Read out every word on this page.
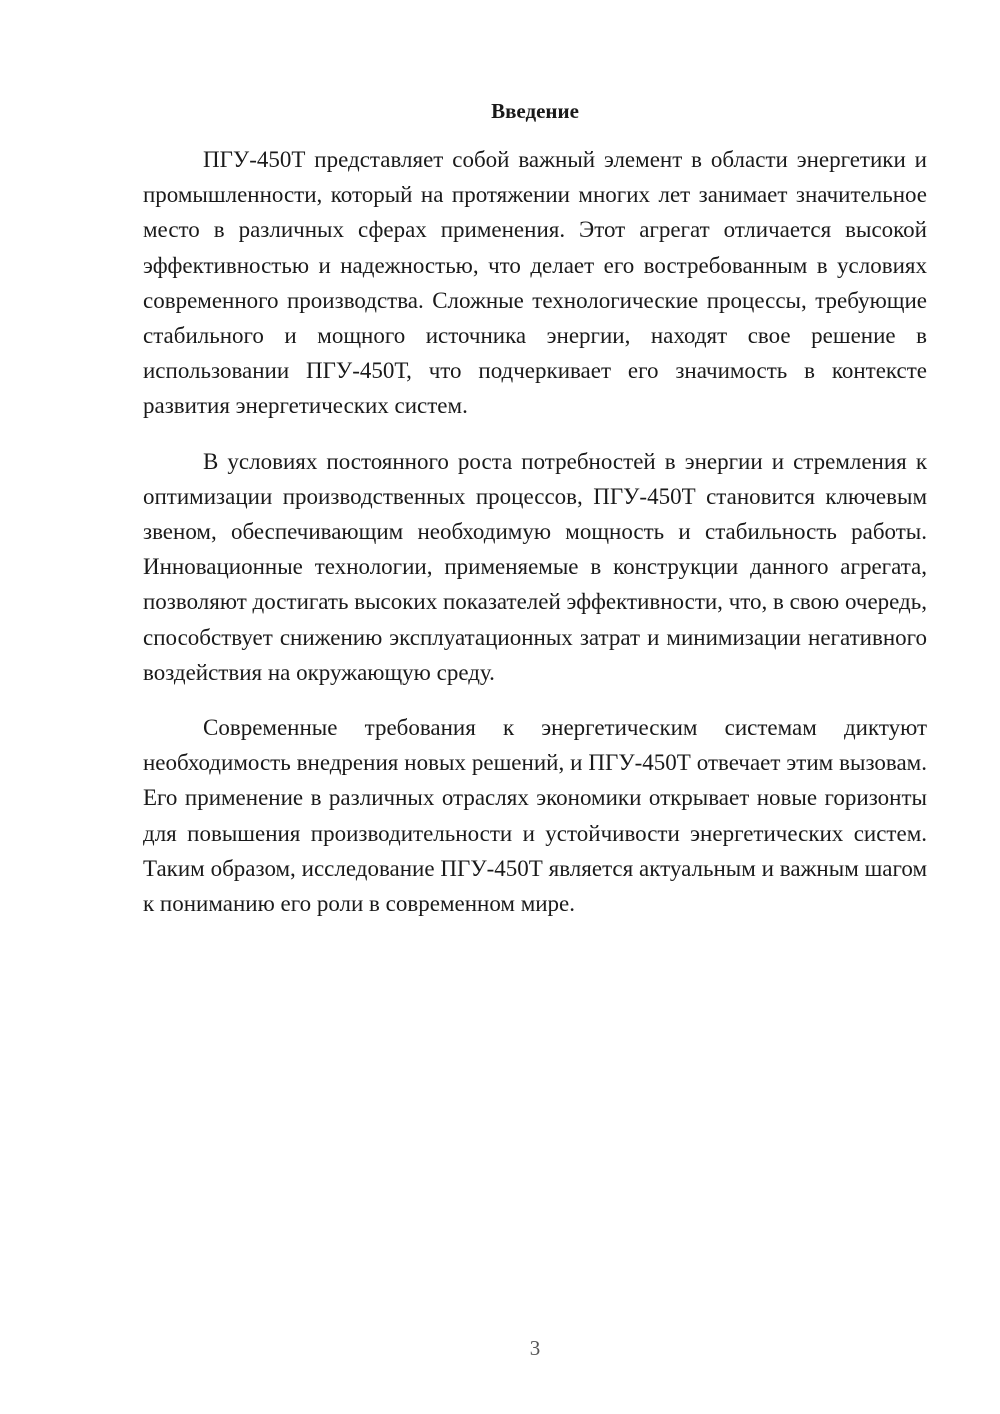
Введение

ПГУ-450Т представляет собой важный элемент в области энергетики и промышленности, который на протяжении многих лет занимает значительное место в различных сферах применения. Этот агрегат отличается высокой эффективностью и надежностью, что делает его востребованным в условиях современного производства. Сложные технологические процессы, требующие стабильного и мощного источника энергии, находят свое решение в использовании ПГУ-450Т, что подчеркивает его значимость в контексте развития энергетических систем.

В условиях постоянного роста потребностей в энергии и стремления к оптимизации производственных процессов, ПГУ-450Т становится ключевым звеном, обеспечивающим необходимую мощность и стабильность работы. Инновационные технологии, применяемые в конструкции данного агрегата, позволяют достигать высоких показателей эффективности, что, в свою очередь, способствует снижению эксплуатационных затрат и минимизации негативного воздействия на окружающую среду.

Современные требования к энергетическим системам диктуют необходимость внедрения новых решений, и ПГУ-450Т отвечает этим вызовам. Его применение в различных отраслях экономики открывает новые горизонты для повышения производительности и устойчивости энергетических систем. Таким образом, исследование ПГУ-450Т является актуальным и важным шагом к пониманию его роли в современном мире.

3
